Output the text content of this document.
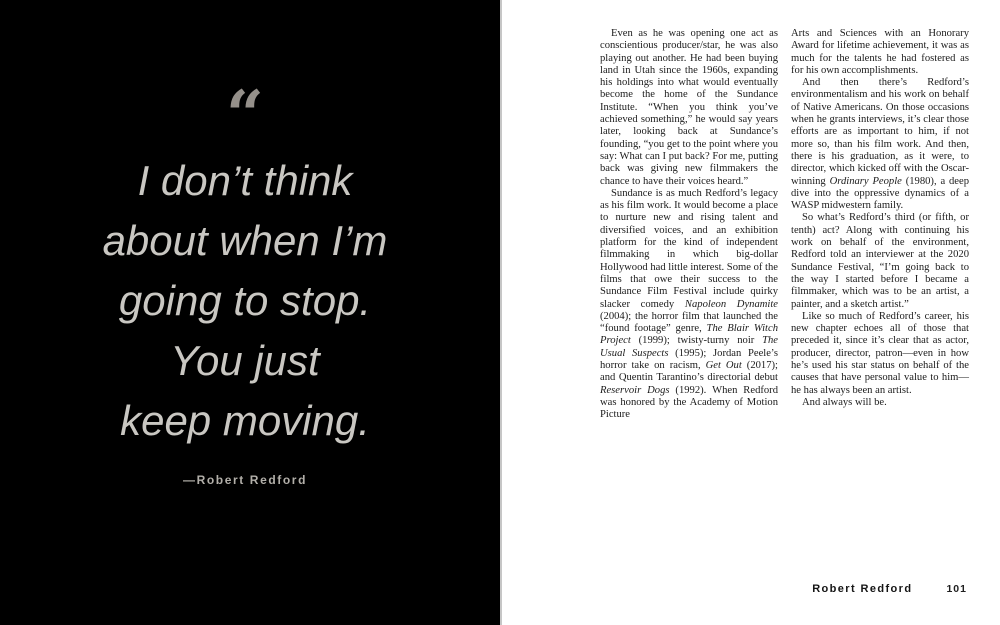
“
I don’t think
about when I’m
going to stop.
You just
keep moving.
—Robert Redford

Even as he was opening one act as conscientious producer/star, he was also playing out another. He had been buying land in Utah since the 1960s, expanding his holdings into what would eventually become the home of the Sundance Institute. “When you think you’ve achieved something,” he would say years later, looking back at Sundance’s founding, “you get to the point where you say: What can I put back? For me, putting back was giving new filmmakers the chance to have their voices heard.”

Sundance is as much Redford’s legacy as his film work. It would become a place to nurture new and rising talent and diversified voices, and an exhibition platform for the kind of independent filmmaking in which big-dollar Hollywood had little interest. Some of the films that owe their success to the Sundance Film Festival include quirky slacker comedy Napoleon Dynamite (2004); the horror film that launched the “found footage” genre, The Blair Witch Project (1999); twisty-turny noir The Usual Suspects (1995); Jordan Peele’s horror take on racism, Get Out (2017); and Quentin Tarantino’s directorial debut Reservoir Dogs (1992). When Redford was honored by the Academy of Motion Picture

Arts and Sciences with an Honorary Award for lifetime achievement, it was as much for the talents he had fostered as for his own accomplishments.

And then there’s Redford’s environmentalism and his work on behalf of Native Americans. On those occasions when he grants interviews, it’s clear those efforts are as important to him, if not more so, than his film work. And then, there is his graduation, as it were, to director, which kicked off with the Oscar-winning Ordinary People (1980), a deep dive into the oppressive dynamics of a WASP midwestern family.

So what’s Redford’s third (or fifth, or tenth) act? Along with continuing his work on behalf of the environment, Redford told an interviewer at the 2020 Sundance Festival, “I’m going back to the way I started before I became a filmmaker, which was to be an artist, a painter, and a sketch artist.”

Like so much of Redford’s career, his new chapter echoes all of those that preceded it, since it’s clear that as actor, producer, director, patron—even in how he’s used his star status on behalf of the causes that have personal value to him—he has always been an artist.

And always will be.

Robert Redford	101
